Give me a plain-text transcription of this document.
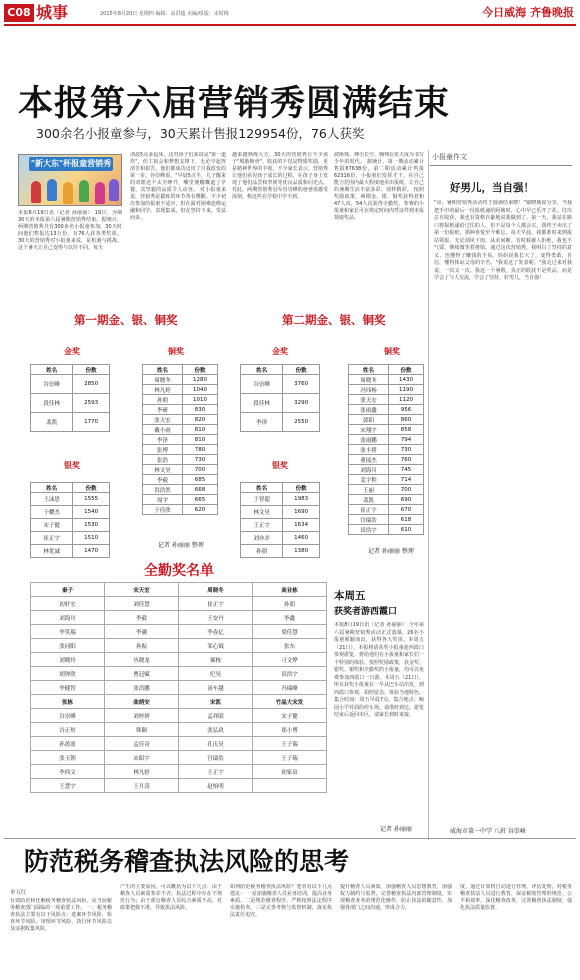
C08 城事	2015年8月20日 星期四 编辑：高洪超 美编/组版：宋时梅	今日威海 齐鲁晚报
本报第六届营销秀圆满结束
300余名小报童参与，30天累计售报129954份，76人获奖
"新大东"杯报童营销秀
本报8月19日讯（记者 孙丽丽） 19日，为期30天的本报第六届暑期营销秀结束。据统计，两期营销秀共有300多名小报童参加，30天时间他们售报达13万份，有76人获各类奖项。 30天的营销秀对小报童来说，是机遇与挑战。这个暑天让自己变得与以往不同，每天
清晨5点多起床，这对孩子们来说是"第一道坎"，但主宿会和梦想支撑下，无论早起得清苦和艰苦，他们都成功迈出了自我改变的第一步。谷崇峰说，"早晨5点半，儿子醒来的双眼还不太全睁开，嘴里便嘟囔道了早餐，其坚毅的品质令人动容。 对小报童来说，营销秀是锻炼的环节各有嗜酸。不少初次参加的报童不适应，但在面对困难连棒运融和同学。表现集成，但在坚持下来，受益而多。
越来越熟练大方。30天的营销秀让不少孩子"脱胎换骨"，收获的不仅是物质奖励，更是精神世界的丰收。不少家长表示，营销秀让他们看见孩子成长的过程，在孩子身上发现了他们品尝和坚韧等优良品质和闪光点。对此，两期营销秀冠军谷崇峰的爸爸说感受深刻，称这些在学校中学不到。
波斯珠、搏击长空、翱翔在蓝天成为书写少年的时代。 据统计，第一期活动累计售报67638份，第二期活动累计售报62316份，小报童们发挥才干，在自己能力范围内最大程度地卖出报纸，让自己的暑期生活丰富多彩、别样精彩。 按照奖励政策，两期金、银、铜奖获得者和47人次、54人次获得全勤奖。参赛的小报童和家长可在规定时间内凭证件到本报领取奖品。
小报童作文
好男儿，当自强！
"哥，暑期营销秀活动终于圆满结束啦！"谢晓瑀说分享，当我把手中的最后一份报纸递给阿姨时，心中早已乐开了花。付出总有收获，我也有资格自豪地说我做到了。第一天，我站在路口将报纸递给过往的人，但不是每个人都会买。我终于卖出了第一份报纸，那种喜悦至今难忘。每天早晨，我都准时来到报站领报，无论刮风下雨，从未间断。有时候被人拒绝，我也不气馁，继续微笑着推销。通过这次营销秀，我明白了坚持的意义，也懂得了赚钱的不易。妈妈说我长大了，变得勇敢、自信，懂得体谅父母的辛苦。"我说这了发表呢。"我走过来对我说，一次又一次。我这一个暑假，真正的收获不是奖品，而是学会了与人交流，学会了坚持。好男儿，当自强！
威海市第一中学 八班 谷崇峰
第一期金、银、铜奖
金奖	铜奖
银奖
姓名	份数
谷崇峰	2850
段佳林	2593
裴凯	1770
姓名	份数
王沫思	1555
于耀杰	1540
宋子健	1530
崔正宇	1510
林优诚	1470
姓名	份数
周晓冬	1280
林凡婷	1040
孙朋	1010
李研	830
张天宏	820
戴小雨	810
李泽	810
张博	780
张浩	730
林文昊	700
李毅	685
洪浩然	668
周宇	665
于佳欣	620
记者 孙丽丽 整理
第二期金、银、铜奖
金奖	铜奖
银奖
姓名	份数
谷崇峰	3760
段佳林	3290
李泽	2550
姓名	份数
于智超	1983
林文昊	1690
王正宇	1634
刘亦并	1460
孙朋	1380
姓名	份数
周晓冬	1430
冯玮杨	1190
张天宏	1120
张雨鑫	956
郭阳	860
宋翔宇	858
张雨鹏	794
张丰碧	730
董瑶杰	760
刘海川	745
姜宇程	714
王丽	700
裴凯	690
崔正宇	670
宫瑞浩	618
田浩宇	610
记者 孙丽丽 整理
全勤奖名单
秦子	宋天宏	周晓冬	高业栋
初轩宏	刘佳慧	崔正宇	孙朋
刘海川	李毅	王安丹	李鑫
李笑瑞	李涵	李春亿	梁佳慧
张同阳	孙振	邹心钺	张东
刘晓玲	丛晓龙	郝栋	刁文烨
胡钟欣	曹冠赋	纪昊	田浩宇
李健智	张浩鹏	汤车越	冯瑞峰
张栋	曲炳安	宋凯	竹晶大宋发
谷崇峰	刘梓妍	孟祥昭	宋子健
谷正烜	韩颖	张弘玖	郑小博
孙盈盈	孟佳奇	孔庆昊	王子瑞
张玉朝	宋昭宇	宫瑞浩	王子瑞
李西文	林凡婷	王正宇	初家泉
王慧宇	王月涛	赵怡明	
本周五
获奖者游西霞口
本报8月19日讯（记者 孙丽丽） 今年第六届暑期营销秀活动正式落幕，26名小报童脱颖而出，获得各大奖项。本周五（21日），本报将请获奖小报童赴西霞口参观游览，将给他们在小报童和家长们一个特别的体验。按照奖励政策，获金奖、银奖、铜奖和全勤奖的小报童，均可以免费参加西霞口一日游。本周五（21日），所有获奖小报童在一早从巴车站出发，到西霞口参观，拍照留念、体验当地特色。集合时间：周五早晨7点。集合地点：鲸园小学对面的停车场。请准时到达。游览结束后返回市区，请家长到时来接。
记者 孙丽丽
防范税务稽查执法风险的思考
单万红
有效防范和化解税务稽查执法风险，是当前税务稽查部门面临的一项重要工作。 一、税务稽查执法主要有以下风险点：选案环节风险，检查环节风险，审理环节风险，执行环节风险以及证据收集风险。
产生的主要原因，可以概括为以下几点：由于稽查人员素质参差不齐，执法过程中存在不规范行为；由于部分稽查人员综合素质不高，对政策把握不准，导致执法风险。
如何防范税务稽查执法风险？笔者有以下几点建议： 一是加强稽查人员业务培训，提高业务素质。二是规范稽查程序，严格按照法定程序实施检查。三是完善考核与监督机制，落实执法责任追究。
提升稽查人员素质，加强稽查人员思想教育，加强权力制约与监督，完善稽查执法内部管理制度，实现稽查业务的规范化操作，防止执法的随意性，加强各部门之间沟通，形成合力。
度，通过计算机自动进行管理，评估处理，对税务稽查执法人员进行教育，保证税收管理的规范、公平和效率。深化稽查改革，完善稽查执法制度，强化执法质量监督。
